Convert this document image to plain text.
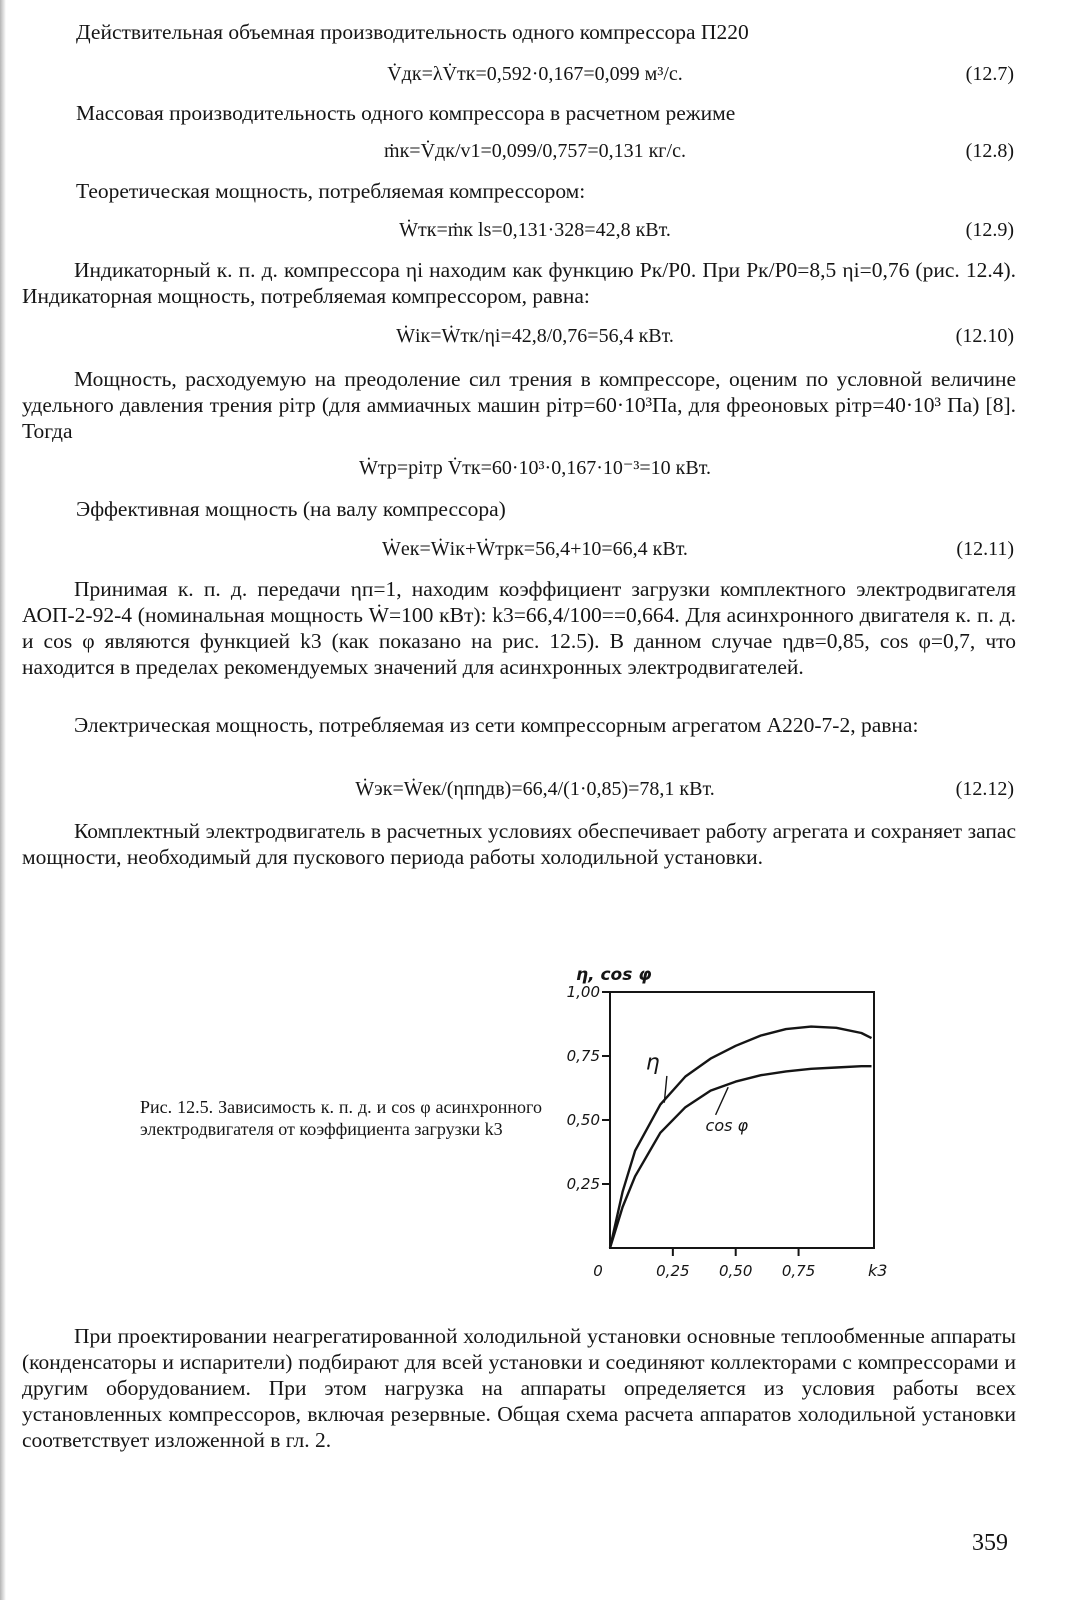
Действительная объемная производительность одного компрессора П220

V̇дк=λV̇тк=0,592·0,167=0,099 м³/с.	(12.7)

Массовая производительность одного компрессора в расчетном режиме

ṁк=V̇дк/v1=0,099/0,757=0,131 кг/с.	(12.8)

Теоретическая мощность, потребляемая компрессором:

Ẇтк=ṁк ls=0,131·328=42,8 кВт.	(12.9)

Индикаторный к. п. д. компрессора ηi находим как функцию Pк/P0. При Pк/P0=8,5 ηi=0,76 (рис. 12.4). Индикаторная мощность, потребляемая компрессором, равна:

Ẇiк=Ẇтк/ηi=42,8/0,76=56,4 кВт.	(12.10)

Мощность, расходуемую на преодоление сил трения в компрессоре, оценим по условной величине удельного давления трения piтр (для аммиачных машин piтр=60·10³Па, для фреоновых piтр=40·10³ Па) [8]. Тогда

Ẇтр=piтр V̇тк=60·10³·0,167·10⁻³=10 кВт.

Эффективная мощность (на валу компрессора)

Ẇeк=Ẇiк+Ẇтрк=56,4+10=66,4 кВт.	(12.11)

Принимая к. п. д. передачи ηп=1, находим коэффициент загрузки комплектного электродвигателя АОП-2-92-4 (номинальная мощность Ẇ=100 кВт): k3=66,4/100==0,664. Для асинхронного двигателя к. п. д. и cos φ являются функцией k3 (как показано на рис. 12.5). В данном случае ηдв=0,85, cos φ=0,7, что находится в пределах рекомендуемых значений для асинхронных электродвигателей.

Электрическая мощность, потребляемая из сети компрессорным агрегатом А220-7-2, равна:

Ẇэк=Ẇeк/(ηпηдв)=66,4/(1·0,85)=78,1 кВт.	(12.12)

Комплектный электродвигатель в расчетных условиях обеспечивает работу агрегата и сохраняет запас мощности, необходимый для пускового периода работы холодильной установки.

Рис. 12.5. Зависимость к. п. д. и cos φ асинхронного электродвигателя от коэффициента загрузки k3

1,00
0,75
0,50
0,25
0	0,25 0,50 0,75
η, cos φ
k3
η
cos φ

При проектировании неагрегатированной холодильной установки основные теплообменные аппараты (конденсаторы и испарители) подбирают для всей установки и соединяют коллекторами с компрессорами и другим оборудованием. При этом нагрузка на аппараты определяется из условия работы всех установленных компрессоров, включая резервные. Общая схема расчета аппаратов холодильной установки соответствует изложенной в гл. 2.

359
